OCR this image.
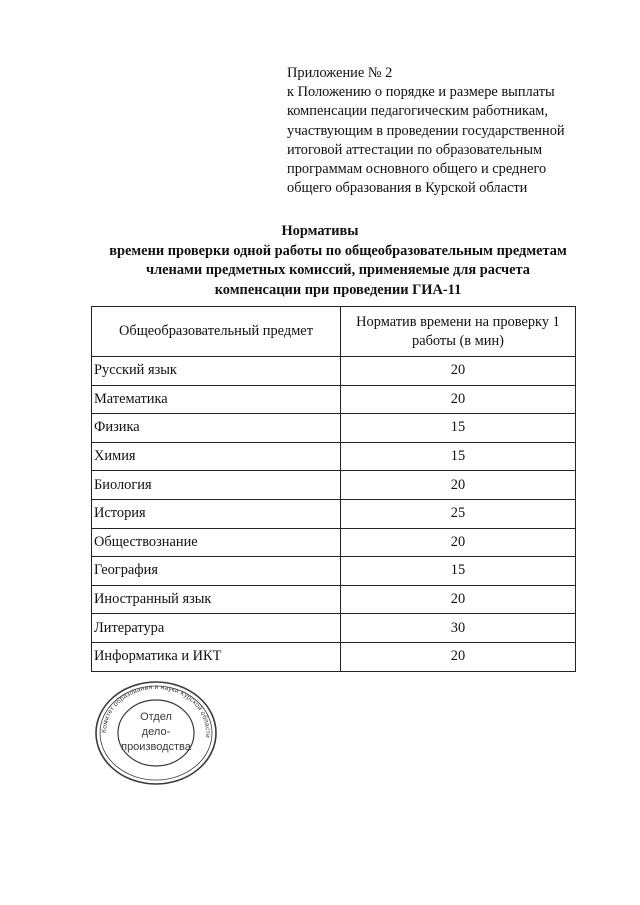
Приложение № 2
к Положению о порядке и размере выплаты
компенсации педагогическим работникам,
участвующим в проведении государственной
итоговой аттестации по образовательным
программам основного общего и среднего
общего образования в Курской области
Нормативы
времени проверки одной работы по общеобразовательным предметам
членами предметных комиссий, применяемые для расчета
компенсации при проведении ГИА-11
Общеобразовательный предмет	Норматив времени на проверку 1 работы (в мин)
Русский язык	20
Математика	20
Физика	15
Химия	15
Биология	20
История	25
Обществознание	20
География	15
Иностранный язык	20
Литература	30
Информатика и ИКТ	20
Комитет образования и науки Курской области
Отдел
дело-
производства
